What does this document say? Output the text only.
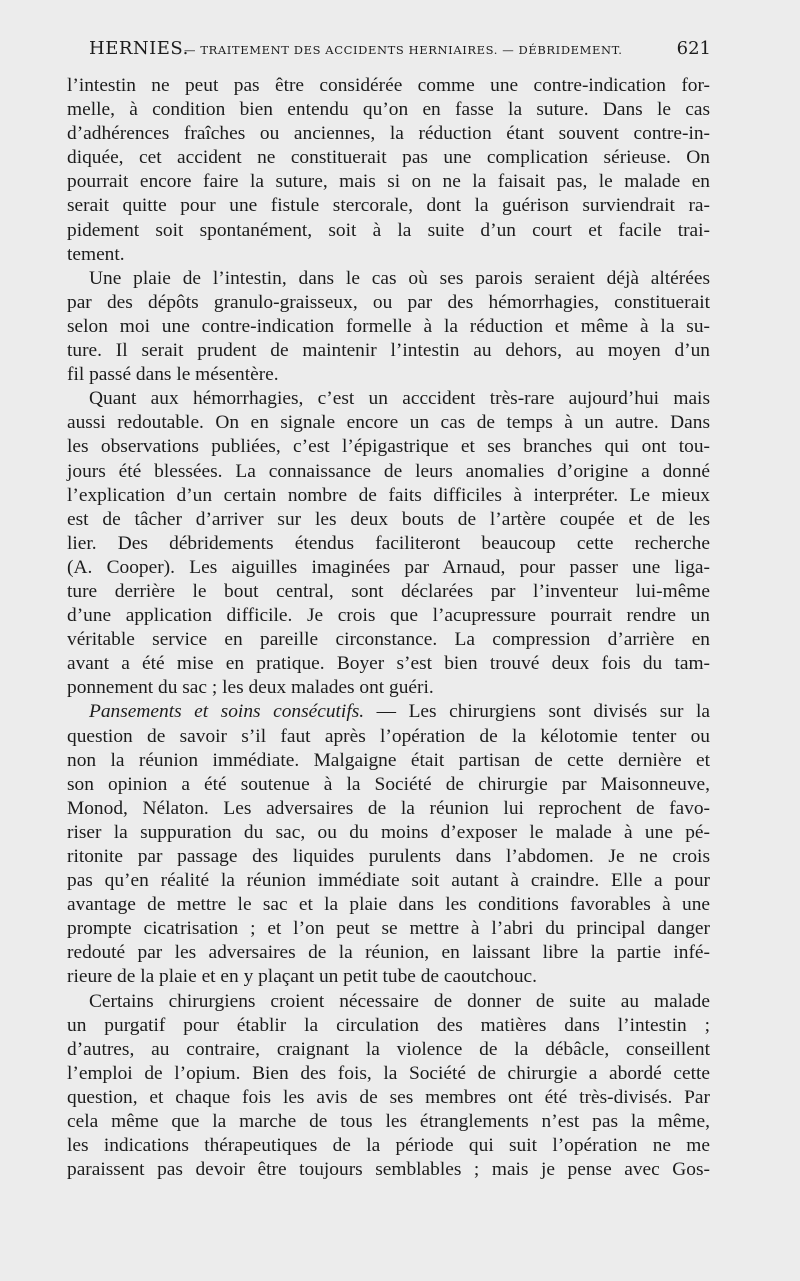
HERNIES.
— TRAITEMENT DES ACCIDENTS HERNIAIRES. — DÉBRIDEMENT.	621
l’intestin ne peut pas être considérée comme une contre-indication for-
melle, à condition bien entendu qu’on en fasse la suture. Dans le cas
d’adhérences fraîches ou anciennes, la réduction étant souvent contre-in-
diquée, cet accident ne constituerait pas une complication sérieuse. On
pourrait encore faire la suture, mais si on ne la faisait pas, le malade en
serait quitte pour une fistule stercorale, dont la guérison surviendrait ra-
pidement soit spontanément, soit à la suite d’un court et facile trai-
tement.
Une plaie de l’intestin, dans le cas où ses parois seraient déjà altérées
par des dépôts granulo-graisseux, ou par des hémorrhagies, constituerait
selon moi une contre-indication formelle à la réduction et même à la su-
ture. Il serait prudent de maintenir l’intestin au dehors, au moyen d’un
fil passé dans le mésentère.
Quant aux hémorrhagies, c’est un acccident très-rare aujourd’hui mais
aussi redoutable. On en signale encore un cas de temps à un autre. Dans
les observations publiées, c’est l’épigastrique et ses branches qui ont tou-
jours été blessées. La connaissance de leurs anomalies d’origine a donné
l’explication d’un certain nombre de faits difficiles à interpréter. Le mieux
est de tâcher d’arriver sur les deux bouts de l’artère coupée et de les
lier. Des débridements étendus faciliteront beaucoup cette recherche
(A. Cooper). Les aiguilles imaginées par Arnaud, pour passer une liga-
ture derrière le bout central, sont déclarées par l’inventeur lui-même
d’une application difficile. Je crois que l’acupressure pourrait rendre un
véritable service en pareille circonstance. La compression d’arrière en
avant a été mise en pratique. Boyer s’est bien trouvé deux fois du tam-
ponnement du sac ; les deux malades ont guéri.
Pansements et soins consécutifs. — Les chirurgiens sont divisés sur la
question de savoir s’il faut après l’opération de la kélotomie tenter ou
non la réunion immédiate. Malgaigne était partisan de cette dernière et
son opinion a été soutenue à la Société de chirurgie par Maisonneuve,
Monod, Nélaton. Les adversaires de la réunion lui reprochent de favo-
riser la suppuration du sac, ou du moins d’exposer le malade à une pé-
ritonite par passage des liquides purulents dans l’abdomen. Je ne crois
pas qu’en réalité la réunion immédiate soit autant à craindre. Elle a pour
avantage de mettre le sac et la plaie dans les conditions favorables à une
prompte cicatrisation ; et l’on peut se mettre à l’abri du principal danger
redouté par les adversaires de la réunion, en laissant libre la partie infé-
rieure de la plaie et en y plaçant un petit tube de caoutchouc.
Certains chirurgiens croient nécessaire de donner de suite au malade
un purgatif pour établir la circulation des matières dans l’intestin ;
d’autres, au contraire, craignant la violence de la débâcle, conseillent
l’emploi de l’opium. Bien des fois, la Société de chirurgie a abordé cette
question, et chaque fois les avis de ses membres ont été très-divisés. Par
cela même que la marche de tous les étranglements n’est pas la même,
les indications thérapeutiques de la période qui suit l’opération ne me
paraissent pas devoir être toujours semblables ; mais je pense avec Gos-
